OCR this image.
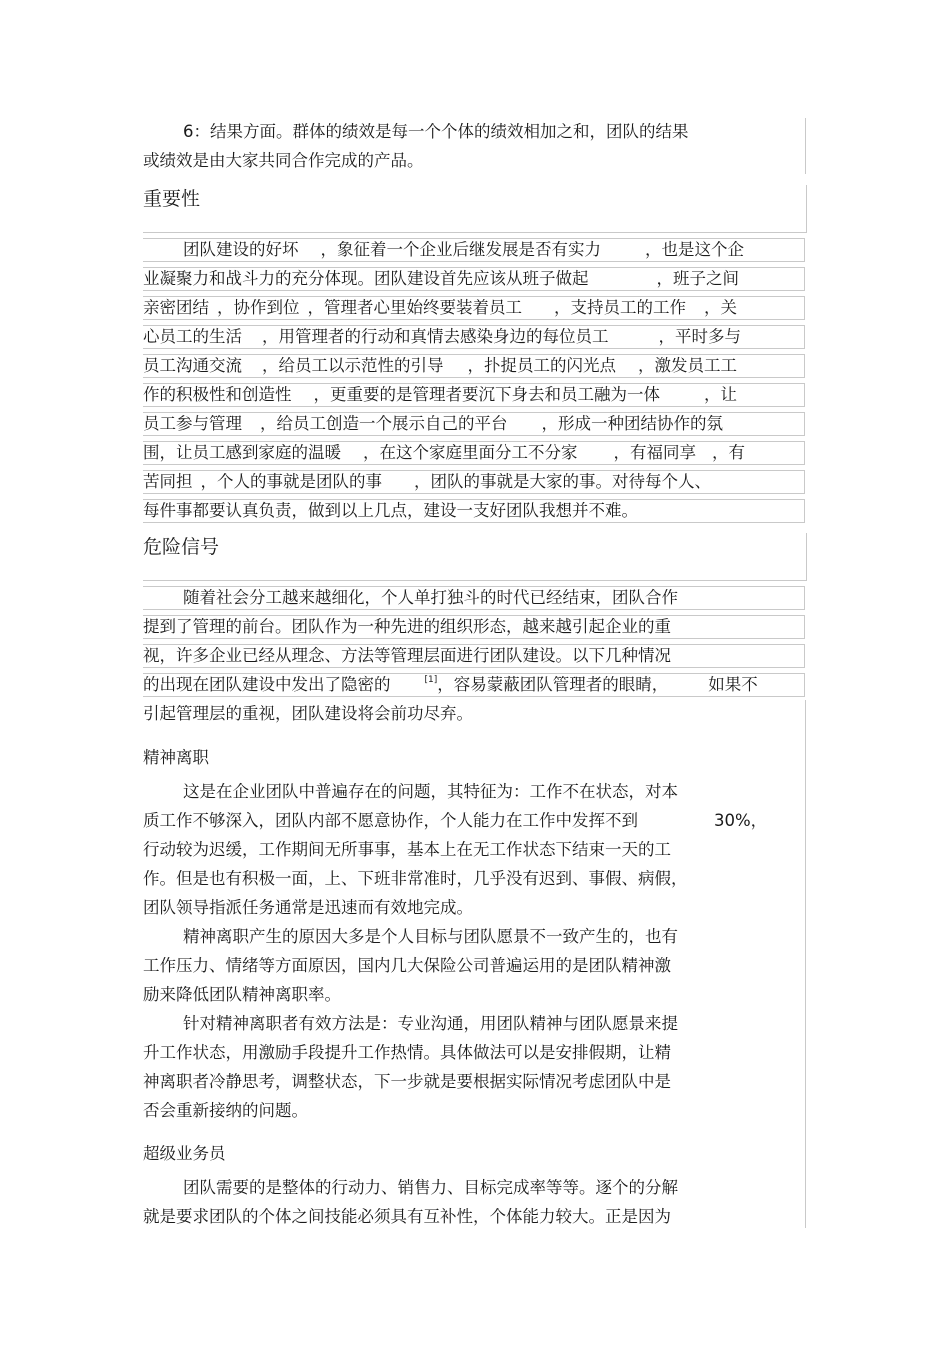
6：结果方面。群体的绩效是每一个个体的绩效相加之和，团队的结果
或绩效是由大家共同合作完成的产品。
重要性
团队建设的好坏 ，象征着一个企业后继发展是否有实力	，也是这个企
业凝聚力和战斗力的充分体现。团队建设首先应该从班子做起	，班子之间
亲密团结 ，协作到位 ，管理者心里始终要装着员工 ，支持员工的工作 ，关
心员工的生活 ，用管理者的行动和真情去感染身边的每位员工	，平时多与
员工沟通交流 ，给员工以示范性的引导 ，扑捉员工的闪光点 ，激发员工工
作的积极性和创造性 ，更重要的是管理者要沉下身去和员工融为一体	，让
员工参与管理 ，给员工创造一个展示自己的平台 ，形成一种团结协作的氛
围，让员工感到家庭的温暖 ，在这个家庭里面分工不分家 ，有福同享 ，有
苦同担 ，个人的事就是团队的事 ，团队的事就是大家的事。对待每个人、
每件事都要认真负责，做到以上几点，建设一支好团队我想并不难。
危险信号
随着社会分工越来越细化，个人单打独斗的时代已经结束，团队合作
提到了管理的前台。团队作为一种先进的组织形态，越来越引起企业的重
视，许多企业已经从理念、方法等管理层面进行团队建设。以下几种情况
的出现在团队建设中发出了隐密的	[1]，容易蒙蔽团队管理者的眼睛， 如果不
引起管理层的重视，团队建设将会前功尽弃。
精神离职
这是在企业团队中普遍存在的问题，其特征为：工作不在状态，对本
质工作不够深入，团队内部不愿意协作，个人能力在工作中发挥不到	30%，
行动较为迟缓，工作期间无所事事，基本上在无工作状态下结束一天的工
作。但是也有积极一面，上、下班非常准时，几乎没有迟到、事假、病假，
团队领导指派任务通常是迅速而有效地完成。
精神离职产生的原因大多是个人目标与团队愿景不一致产生的，也有
工作压力、情绪等方面原因，国内几大保险公司普遍运用的是团队精神激
励来降低团队精神离职率。
针对精神离职者有效方法是：专业沟通，用团队精神与团队愿景来提
升工作状态，用激励手段提升工作热情。具体做法可以是安排假期，让精
神离职者冷静思考，调整状态，下一步就是要根据实际情况考虑团队中是
否会重新接纳的问题。
超级业务员
团队需要的是整体的行动力、销售力、目标完成率等等。逐个的分解
就是要求团队的个体之间技能必须具有互补性，个体能力较大。正是因为
